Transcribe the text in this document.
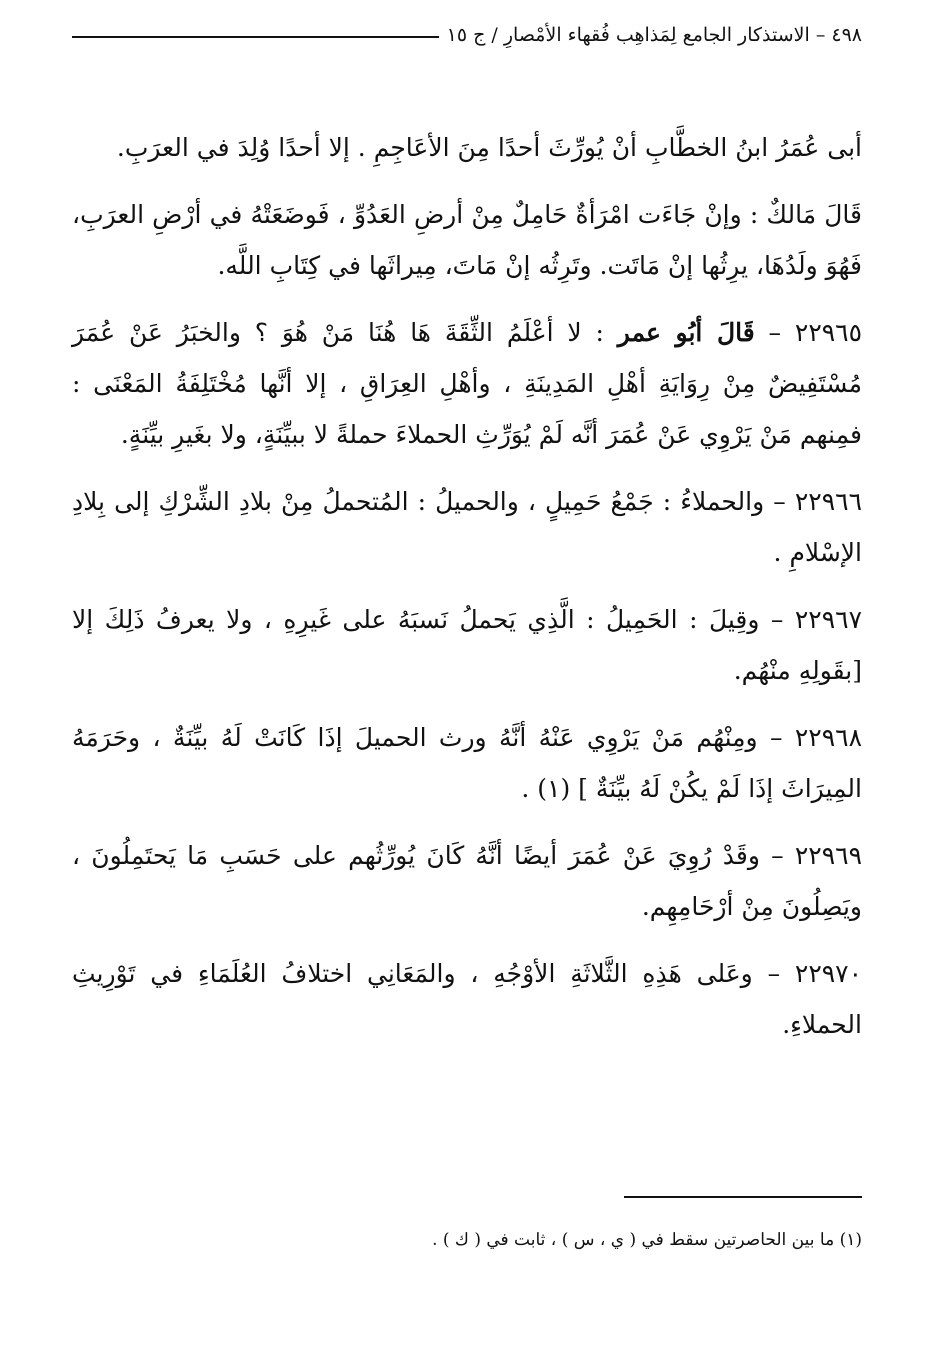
٤٩٨ – الاستذكار الجامع لِمَذاهِب فُقهاء الأمْصارِ / ج ١٥

أبى عُمَرُ ابنُ الخطَّابِ أنْ يُورِّثَ أحدًا مِنَ الأعَاجِمِ . إلا أحدًا وُلِدَ في العرَبِ.

قَالَ مَالكٌ : وإنْ جَاءَت امْرَأةٌ حَامِلٌ مِنْ أرضِ العَدُوِّ ، فَوضَعَتْهُ في أرْضِ العرَبِ، فَهُوَ ولَدُهَا، يرِثُها إنْ مَاتَت. وتَرِثُه إنْ مَاتَ، مِيراثَها في كِتَابِ اللَّه.

٢٢٩٦٥ – قَالَ أبُو عمر : لا أعْلَمُ الثِّقَةَ هَا هُنَا مَنْ هُوَ ؟ والخبَرُ عَنْ عُمَرَ مُسْتَفِيضٌ مِنْ رِوَايَةِ أهْلِ المَدِينَةِ ، وأهْلِ العِرَاقِ ، إلا أنَّها مُخْتَلِفَةُ المَعْنَى : فمِنهم مَنْ يَرْوِي عَنْ عُمَرَ أنَّه لَمْ يُوَرِّثِ الحملاءَ حملةً لا ببيِّنَةٍ، ولا بغَيرِ بيِّنَةٍ.

٢٢٩٦٦ – والحملاءُ : جَمْعُ حَمِيلٍ ، والحميلُ : المُتحملُ مِنْ بلادِ الشِّرْكِ إلى بِلادِ الإسْلامِ .

٢٢٩٦٧ – وقِيلَ : الحَمِيلُ : الَّذِي يَحملُ نَسبَهُ على غَيرِهِ ، ولا يعرفُ ذَلِكَ إلا [بقَولِهِ منْهُم.

٢٢٩٦٨ – ومِنْهُم مَنْ يَرْوِي عَنْهُ أنَّهُ ورث الحميلَ إذَا كَانَتْ لَهُ بيِّنَةٌ ، وحَرَمَهُ المِيرَاثَ إذَا لَمْ يكُنْ لَهُ بيِّنَةٌ ] (١) .

٢٢٩٦٩ – وقَدْ رُوِيَ عَنْ عُمَرَ أيضًا أنَّهُ كَانَ يُورِّثُهم على حَسَبِ مَا يَحتَمِلُونَ ، ويَصِلُونَ مِنْ أرْحَامِهِم.

٢٢٩٧٠ – وعَلى هَذِهِ الثَّلاثَةِ الأوْجُهِ ، والمَعَانِي اختلافُ العُلَمَاءِ في تَوْرِيثِ الحملاءِ.

(١) ما بين الحاصرتين سقط في ( ي ، س ) ، ثابت في ( ك ) .
